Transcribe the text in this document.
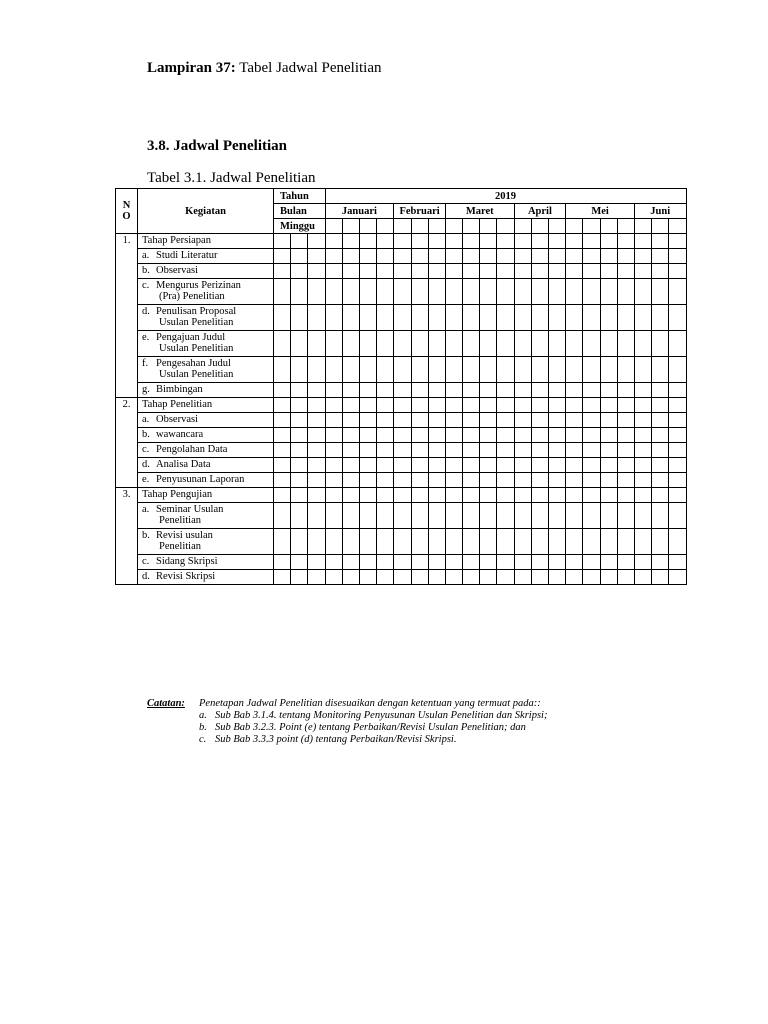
Lampiran 37: Tabel Jadwal Penelitian
3.8. Jadwal Penelitian
Tabel 3.1. Jadwal Penelitian
N
O	Kegiatan	Tahun			2019																				
		Bulan			Januari				Februari			Maret				April			Mei				Juni		
		Minggu																							
1.	Tahap Persiapan																								
	a. Studi Literatur																								
	b. Observasi																								
	c. Mengurus Perizinan
(Pra) Penelitian																								

	d. Penulisan Proposal
Usulan Penelitian																								

	e. Pengajuan Judul
Usulan Penelitian																								

	f. Pengesahan Judul
Usulan Penelitian																								

	g. Bimbingan																								
2.	Tahap Penelitian																								
	a. Observasi																								
	b. wawancara																								
	c. Pengolahan Data																								
	d. Analisa Data																								
	e. Penyusunan Laporan																								
3.	Tahap Pengujian																								
	a. Seminar Usulan
Penelitian																								

	b. Revisi usulan
Penelitian																								

	c. Sidang Skripsi																								
	d. Revisi Skripsi																								
Catatan: Penetapan Jadwal Penelitian disesuaikan dengan ketentuan yang termuat pada::
a. Sub Bab 3.1.4. tentang Monitoring Penyusunan Usulan Penelitian dan Skripsi;
b. Sub Bab 3.2.3. Point (e) tentang Perbaikan/Revisi Usulan Penelitian; dan
c. Sub Bab 3.3.3 point (d) tentang Perbaikan/Revisi Skripsi.
